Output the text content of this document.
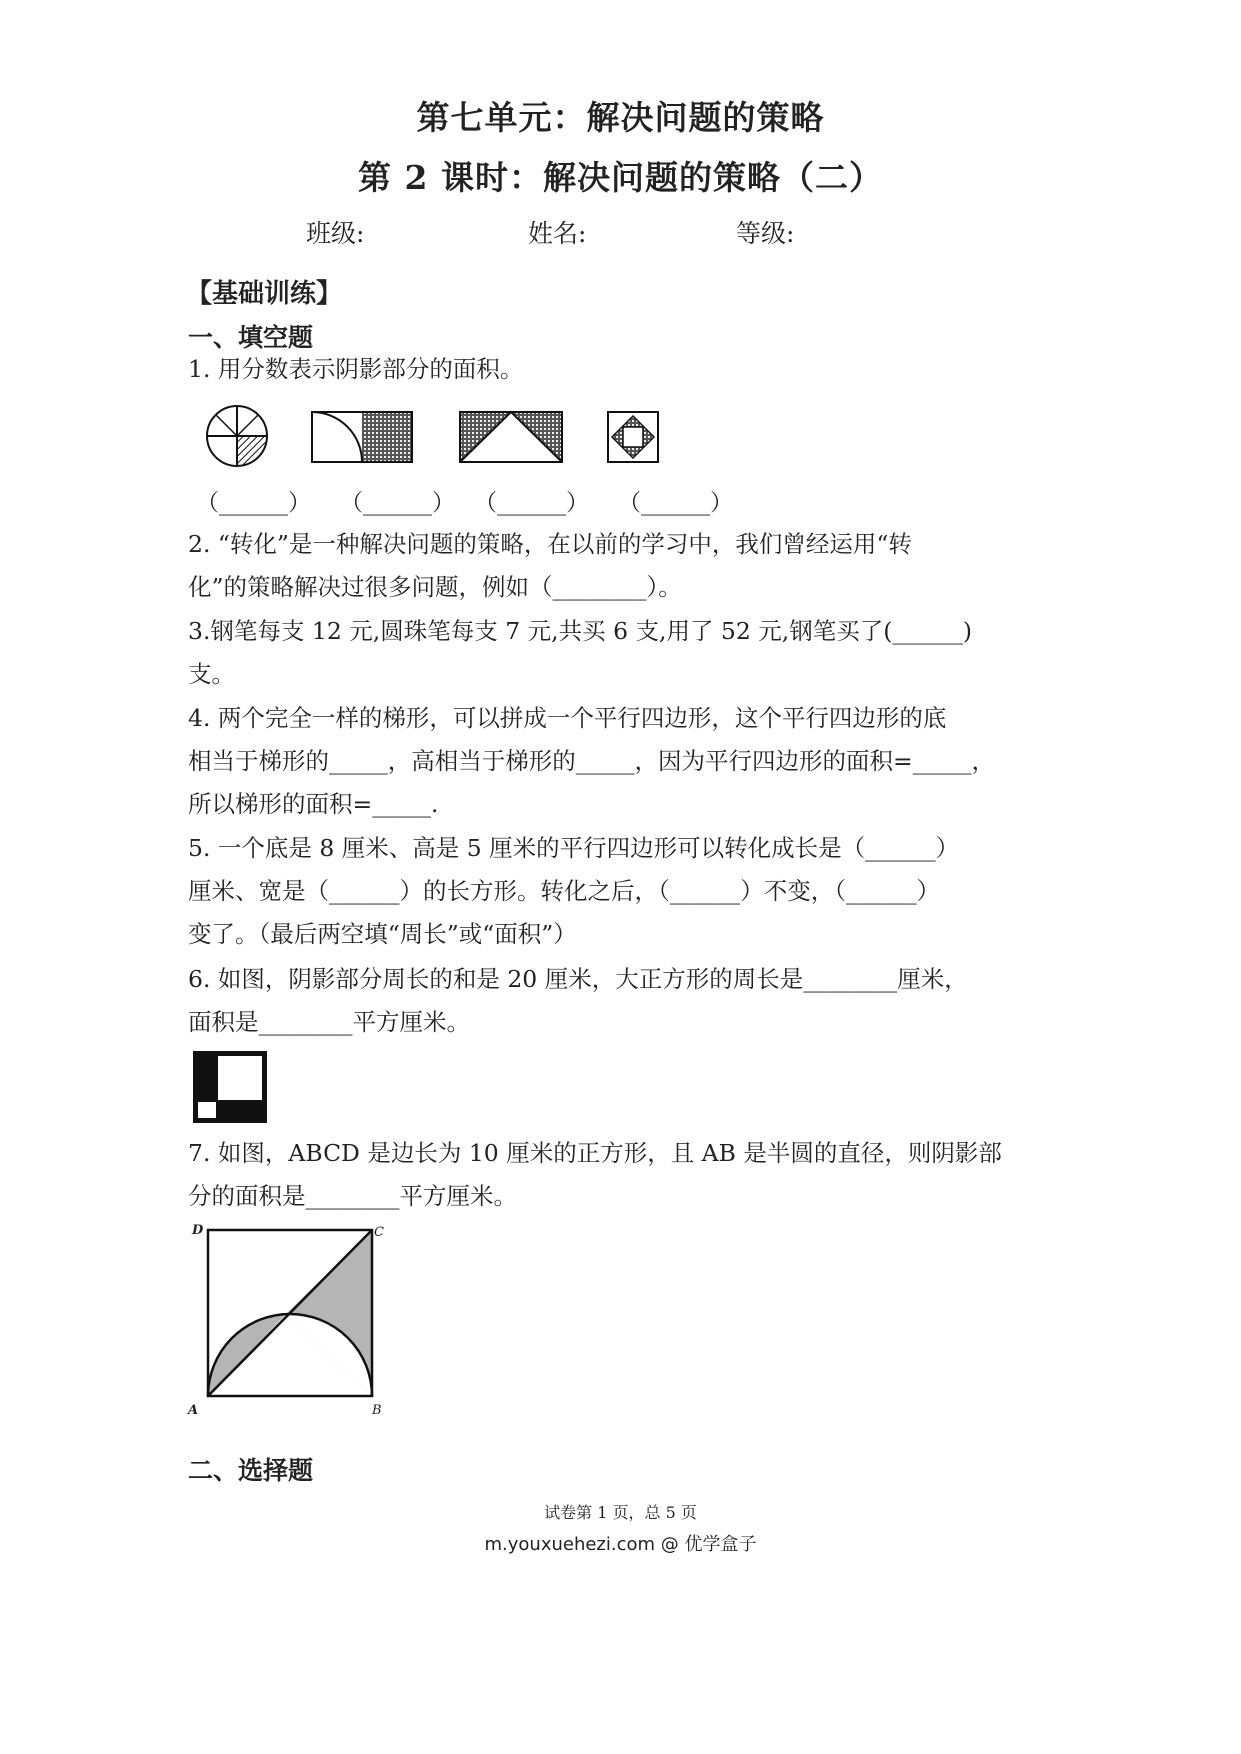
第七单元：解决问题的策略
第 2 课时：解决问题的策略（二）
班级:	姓名:	等级:
【基础训练】
一、填空题
1. 用分数表示阴影部分的面积。
（______） （______） （______） （______）
2. “转化”是一种解决问题的策略，在以前的学习中，我们曾经运用“转
化”的策略解决过很多问题，例如（________）。
3.钢笔每支 12 元,圆珠笔每支 7 元,共买 6 支,用了 52 元,钢笔买了(______)
支。
4. 两个完全一样的梯形，可以拼成一个平行四边形，这个平行四边形的底
相当于梯形的_____，高相当于梯形的_____，因为平行四边形的面积=_____，
所以梯形的面积=_____.
5. 一个底是 8 厘米、高是 5 厘米的平行四边形可以转化成长是（______）
厘米、宽是（______）的长方形。转化之后，（______）不变，（______）
变了。（最后两空填“周长”或“面积”）
6. 如图，阴影部分周长的和是 20 厘米，大正方形的周长是________厘米，
面积是________平方厘米。
7. 如图，ABCD 是边长为 10 厘米的正方形，且 AB 是半圆的直径，则阴影部
分的面积是________平方厘米。
D	C
A	B
二、选择题
试卷第 1 页，总 5 页
m.youxuehezi.com @ 优学盒子
